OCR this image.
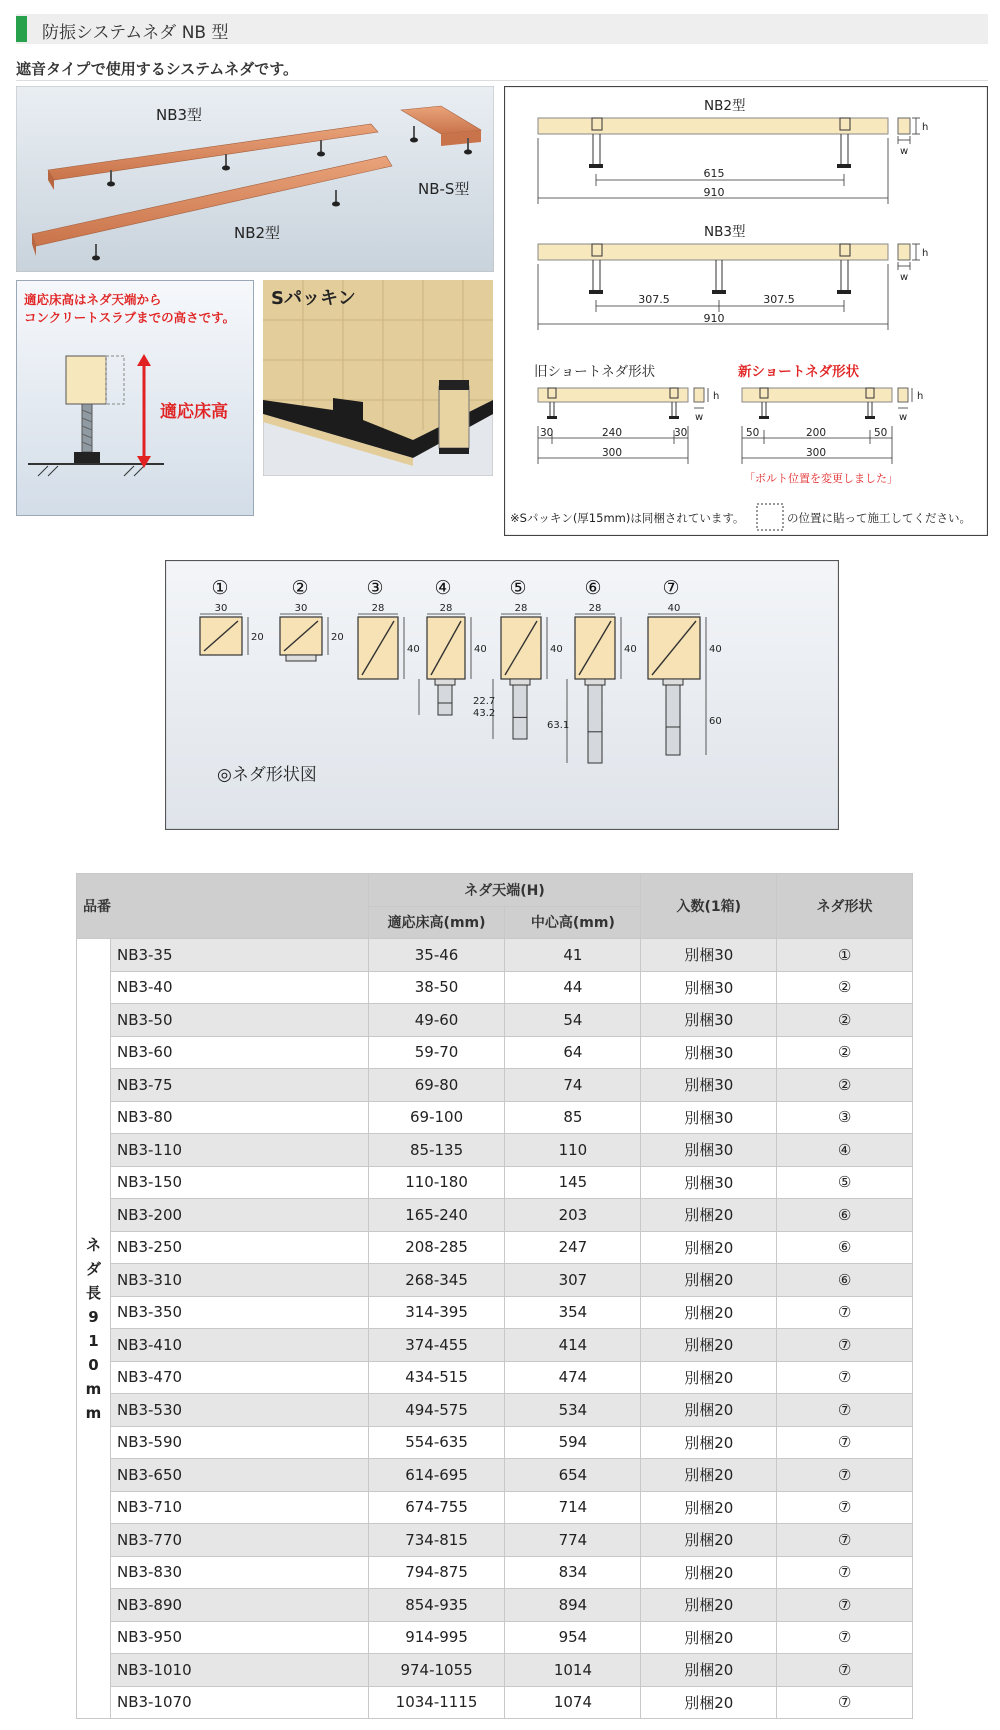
防振システムネダ NB 型
遮音タイプで使用するシステムネダです。
NB3型
NB2型
NB-S型
適応床高はネダ天端から
コンクリートスラブまでの高さです。
適応床高
Sパッキン
NB2型
615
910
h
w
NB3型
307.5	307.5
910
h
w
旧ショートネダ形状
30	240	30
300
h
w
新ショートネダ形状
50	200	50
300
h
w
「ボルト位置を変更しました」
※Sパッキン(厚15mm)は同梱されています。	の位置に貼って施工してください。
①
30
20
②
30
20
③
28
40
④
28
40
22.7
⑤
28
40
43.2
⑥
28
40
63.1
⑦
40
40
60
◎ネダ形状図
品番		ネダ天端(H)		入数(1箱)	ネダ形状
		適応床高(mm)	中心高(mm)		

ネダ長910mm	NB3-35	35-46	41	別梱30	①
	NB3-40	38-50	44	別梱30	②
	NB3-50	49-60	54	別梱30	②
	NB3-60	59-70	64	別梱30	②
	NB3-75	69-80	74	別梱30	②
	NB3-80	69-100	85	別梱30	③
	NB3-110	85-135	110	別梱30	④
	NB3-150	110-180	145	別梱30	⑤
	NB3-200	165-240	203	別梱20	⑥
	NB3-250	208-285	247	別梱20	⑥
	NB3-310	268-345	307	別梱20	⑥
	NB3-350	314-395	354	別梱20	⑦
	NB3-410	374-455	414	別梱20	⑦
	NB3-470	434-515	474	別梱20	⑦
	NB3-530	494-575	534	別梱20	⑦
	NB3-590	554-635	594	別梱20	⑦
	NB3-650	614-695	654	別梱20	⑦
	NB3-710	674-755	714	別梱20	⑦
	NB3-770	734-815	774	別梱20	⑦
	NB3-830	794-875	834	別梱20	⑦
	NB3-890	854-935	894	別梱20	⑦
	NB3-950	914-995	954	別梱20	⑦
	NB3-1010	974-1055	1014	別梱20	⑦
	NB3-1070	1034-1115	1074	別梱20	⑦
